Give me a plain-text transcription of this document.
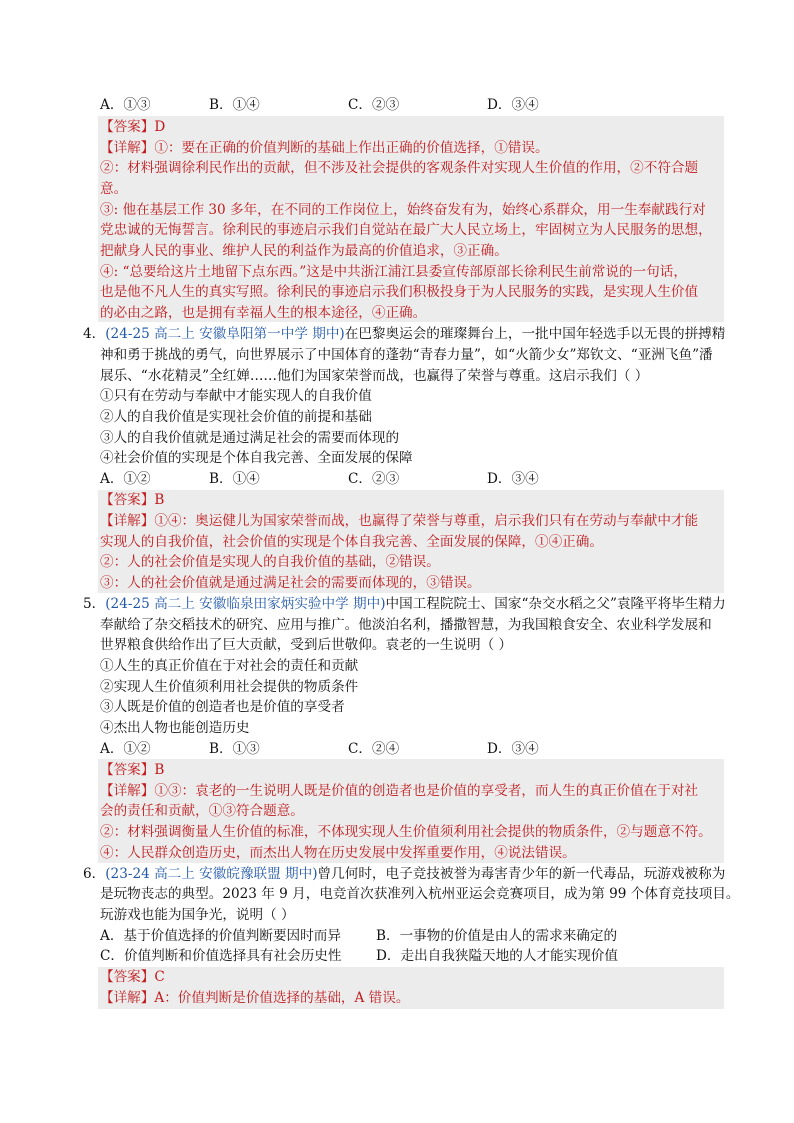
A．①③	B．①④	C．②③	D．③④
【答案】D
【详解】①：要在正确的价值判断的基础上作出正确的价值选择，①错误。
②：材料强调徐利民作出的贡献，但不涉及社会提供的客观条件对实现人生价值的作用，②不符合题
意。
③: 他在基层工作 30 多年，在不同的工作岗位上，始终奋发有为，始终心系群众，用一生奉献践行对
党忠诚的无悔誓言。徐利民的事迹启示我们自觉站在最广大人民立场上，牢固树立为人民服务的思想，
把献身人民的事业、维护人民的利益作为最高的价值追求，③正确。
④: “总要给这片土地留下点东西。”这是中共浙江浦江县委宣传部原部长徐利民生前常说的一句话，
也是他不凡人生的真实写照。徐利民的事迹启示我们积极投身于为人民服务的实践，是实现人生价值
的必由之路，也是拥有幸福人生的根本途径，④正确。
4．(24-25 高二上 安徽阜阳第一中学 期中)在巴黎奥运会的璀璨舞台上，一批中国年轻选手以无畏的拼搏精
神和勇于挑战的勇气，向世界展示了中国体育的蓬勃“青春力量”，如“火箭少女”郑钦文、“亚洲飞鱼”潘
展乐、“水花精灵”全红婵……他们为国家荣誉而战，也赢得了荣誉与尊重。这启示我们（ ）
①只有在劳动与奉献中才能实现人的自我价值
②人的自我价值是实现社会价值的前提和基础
③人的自我价值就是通过满足社会的需要而体现的
④社会价值的实现是个体自我完善、全面发展的保障
A．①②	B．①④	C．②③	D．③④
【答案】B
【详解】①④：奥运健儿为国家荣誉而战，也赢得了荣誉与尊重，启示我们只有在劳动与奉献中才能
实现人的自我价值，社会价值的实现是个体自我完善、全面发展的保障，①④正确。
②：人的社会价值是实现人的自我价值的基础，②错误。
③：人的社会价值就是通过满足社会的需要而体现的，③错误。
5．(24-25 高二上 安徽临泉田家炳实验中学 期中)中国工程院院士、国家“杂交水稻之父”袁隆平将毕生精力
奉献给了杂交稻技术的研究、应用与推广。他淡泊名利，播撒智慧，为我国粮食安全、农业科学发展和
世界粮食供给作出了巨大贡献，受到后世敬仰。袁老的一生说明（ ）
①人生的真正价值在于对社会的责任和贡献
②实现人生价值须利用社会提供的物质条件
③人既是价值的创造者也是价值的享受者
④杰出人物也能创造历史
A．①②	B．①③	C．②④	D．③④
【答案】B
【详解】①③：袁老的一生说明人既是价值的创造者也是价值的享受者，而人生的真正价值在于对社
会的责任和贡献，①③符合题意。
②：材料强调衡量人生价值的标准，不体现实现人生价值须利用社会提供的物质条件，②与题意不符。
④：人民群众创造历史，而杰出人物在历史发展中发挥重要作用，④说法错误。
6．(23-24 高二上 安徽皖豫联盟 期中)曾几何时，电子竞技被誉为毒害青少年的新一代毒品，玩游戏被称为
是玩物丧志的典型。2023 年 9 月，电竞首次获准列入杭州亚运会竞赛项目，成为第 99 个体育竞技项目。
玩游戏也能为国争光，说明（ ）
A．基于价值选择的价值判断要因时而异	B．一事物的价值是由人的需求来确定的
C．价值判断和价值选择具有社会历史性	D．走出自我狭隘天地的人才能实现价值
【答案】C
【详解】A：价值判断是价值选择的基础，A 错误。
